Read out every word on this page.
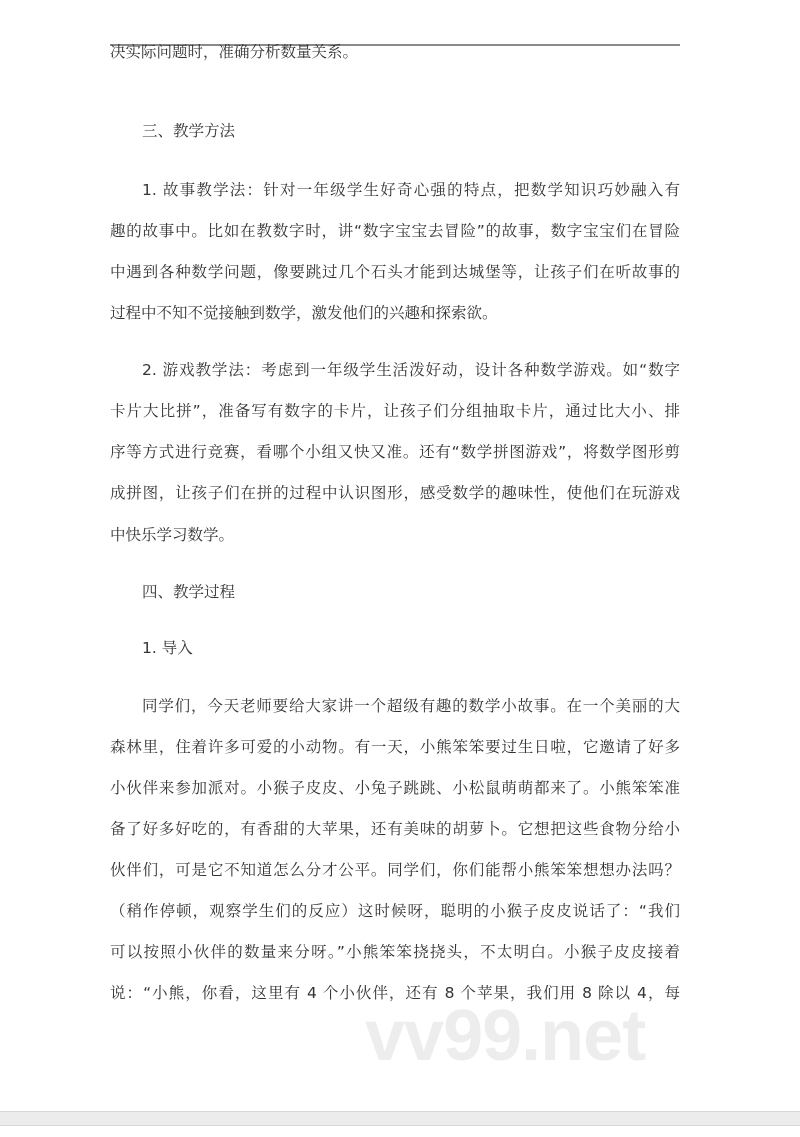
决实际问题时，准确分析数量关系。
三、教学方法
1. 故事教学法：针对一年级学生好奇心强的特点，把数学知识巧妙融入有
趣的故事中。比如在教数字时，讲“数字宝宝去冒险”的故事，数字宝宝们在冒险
中遇到各种数学问题，像要跳过几个石头才能到达城堡等，让孩子们在听故事的
过程中不知不觉接触到数学，激发他们的兴趣和探索欲。
2. 游戏教学法：考虑到一年级学生活泼好动，设计各种数学游戏。如“数字
卡片大比拼”，准备写有数字的卡片，让孩子们分组抽取卡片，通过比大小、排
序等方式进行竞赛，看哪个小组又快又准。还有“数学拼图游戏”，将数学图形剪
成拼图，让孩子们在拼的过程中认识图形，感受数学的趣味性，使他们在玩游戏
中快乐学习数学。
四、教学过程
1. 导入
同学们，今天老师要给大家讲一个超级有趣的数学小故事。在一个美丽的大
森林里，住着许多可爱的小动物。有一天，小熊笨笨要过生日啦，它邀请了好多
小伙伴来参加派对。小猴子皮皮、小兔子跳跳、小松鼠萌萌都来了。小熊笨笨准
备了好多好吃的，有香甜的大苹果，还有美味的胡萝卜。它想把这些食物分给小
伙伴们，可是它不知道怎么分才公平。同学们，你们能帮小熊笨笨想想办法吗？
（稍作停顿，观察学生们的反应）这时候呀，聪明的小猴子皮皮说话了：“我们
可以按照小伙伴的数量来分呀。”小熊笨笨挠挠头，不太明白。小猴子皮皮接着
说：“小熊，你看，这里有 4 个小伙伴，还有 8 个苹果，我们用 8 除以 4，每
vv99.net
